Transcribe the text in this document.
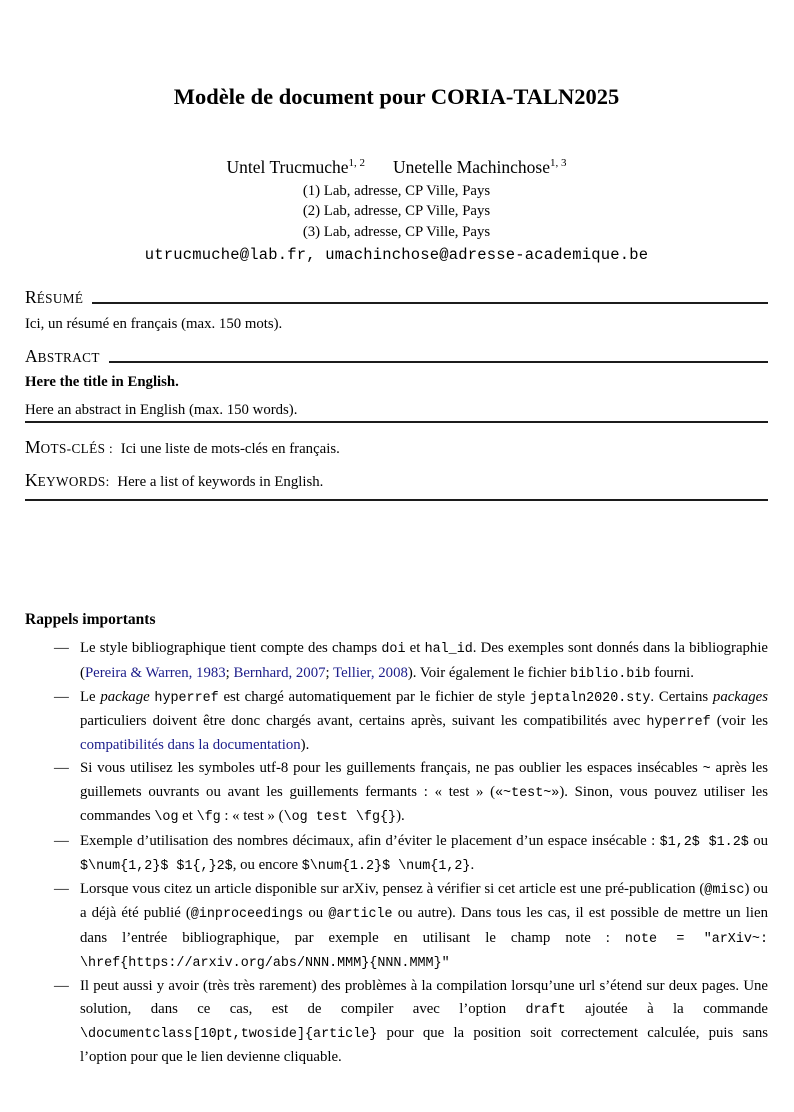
Modèle de document pour CORIA-TALN2025
Untel Trucmuche$^{1, 2}$ Unetelle Machinchose$^{1, 3}$
(1) Lab, adresse, CP Ville, Pays
(2) Lab, adresse, CP Ville, Pays
(3) Lab, adresse, CP Ville, Pays
utrucmuche@lab.fr, umachinchose@adresse-academique.be
RÉSUMÉ

Ici, un résumé en français (max. 150 mots).

ABSTRACT

Here the title in English.

Here an abstract in English (max. 150 words).

MOTS-CLÉS : Ici une liste de mots-clés en français.

KEYWORDS: Here a list of keywords in English.

Rappels importants
— Le style bibliographique tient compte des champs doi et hal_id. Des exemples sont donnés dans la bibliographie (Pereira & Warren, 1983; Bernhard, 2007; Tellier, 2008). Voir également le fichier biblio.bib fourni.
— Le package hyperref est chargé automatiquement par le fichier de style jeptaln2020.sty. Certains packages particuliers doivent être donc chargés avant, certains après, suivant les compatibilités avec hyperref (voir les compatibilités dans la documentation).
— Si vous utilisez les symboles utf-8 pour les guillements français, ne pas oublier les espaces insécables ~ après les guillemets ouvrants ou avant les guillements fermants : « test » («~test~»). Sinon, vous pouvez utiliser les commandes \og et \fg : « test » (\og test \fg{}).
— Exemple d’utilisation des nombres décimaux, afin d’éviter le placement d’un espace insécable : $1,2$ $1.2$ ou $\num{1,2}$ $1{,}2$, ou encore $\num{1.2}$ \num{1,2}.
— Lorsque vous citez un article disponible sur arXiv, pensez à vérifier si cet article est une pré-publication (@misc) ou a déjà été publié (@inproceedings ou @article ou autre). Dans tous les cas, il est possible de mettre un lien dans l’entrée bibliographique, par exemple en utilisant le champ note : note = "arXiv~: \href{https://arxiv.org/abs/NNN.MMM}{NNN.MMM}"
— Il peut aussi y avoir (très très rarement) des problèmes à la compilation lorsqu’une url s’étend sur deux pages. Une solution, dans ce cas, est de compiler avec l’option draft ajoutée à la commande \documentclass[10pt,twoside]{article} pour que la position soit correctement calculée, puis sans l’option pour que le lien devienne cliquable.
